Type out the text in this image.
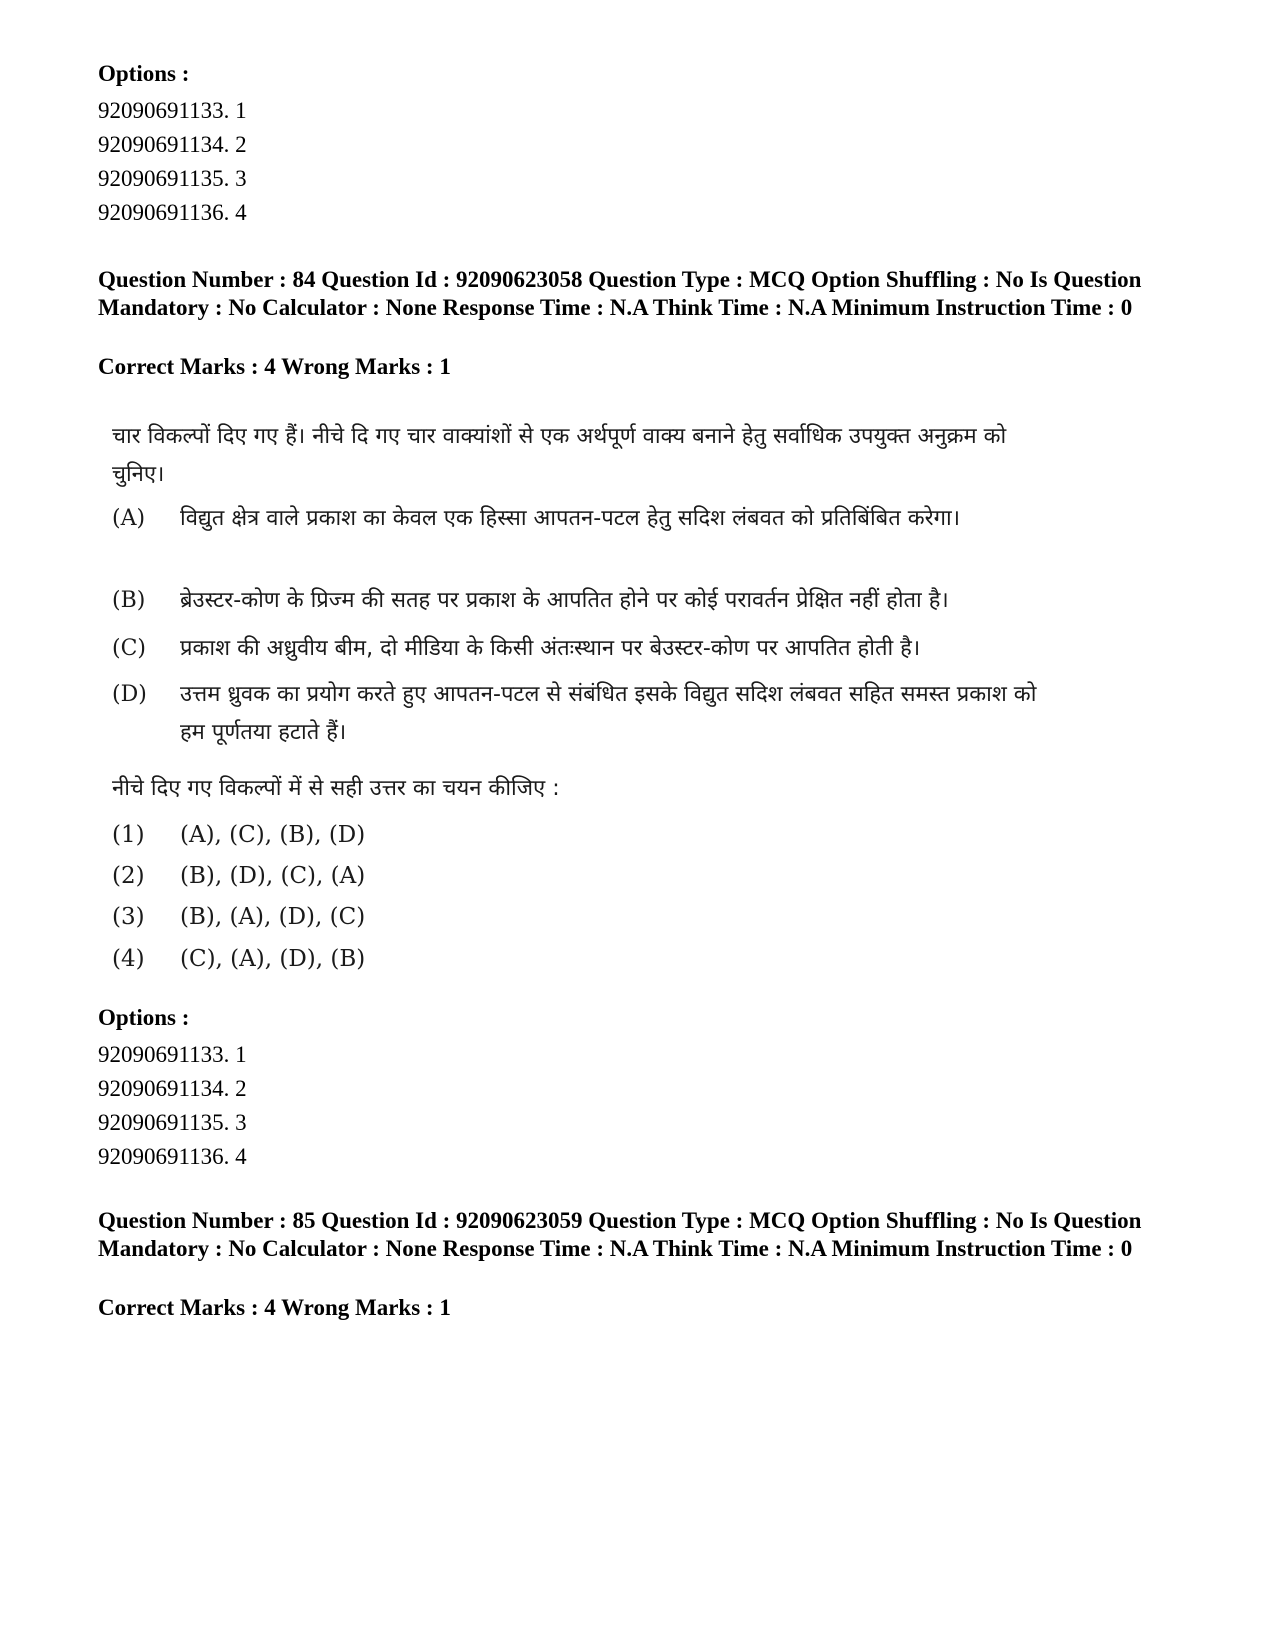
Options :
92090691133. 1
92090691134. 2
92090691135. 3
92090691136. 4
Question Number : 84 Question Id : 92090623058 Question Type : MCQ Option Shuffling : No Is Question Mandatory : No Calculator : None Response Time : N.A Think Time : N.A Minimum Instruction Time : 0
Correct Marks : 4 Wrong Marks : 1
चार विकल्पों दिए गए हैं। नीचे दि गए चार वाक्यांशों से एक अर्थपूर्ण वाक्य बनाने हेतु सर्वाधिक उपयुक्त अनुक्रम को चुनिए।
(A) विद्युत क्षेत्र वाले प्रकाश का केवल एक हिस्सा आपतन-पटल हेतु सदिश लंबवत को प्रतिबिंबित करेगा।
(B) ब्रेउस्टर-कोण के प्रिज्म की सतह पर प्रकाश के आपतित होने पर कोई परावर्तन प्रेक्षित नहीं होता है।
(C) प्रकाश की अध्रुवीय बीम, दो मीडिया के किसी अंतःस्थान पर बेउस्टर-कोण पर आपतित होती है।
(D) उत्तम ध्रुवक का प्रयोग करते हुए आपतन-पटल से संबंधित इसके विद्युत सदिश लंबवत सहित समस्त प्रकाश को हम पूर्णतया हटाते हैं।
नीचे दिए गए विकल्पों में से सही उत्तर का चयन कीजिए :
(1) (A), (C), (B), (D)
(2) (B), (D), (C), (A)
(3) (B), (A), (D), (C)
(4) (C), (A), (D), (B)
Options :
92090691133. 1
92090691134. 2
92090691135. 3
92090691136. 4
Question Number : 85 Question Id : 92090623059 Question Type : MCQ Option Shuffling : No Is Question Mandatory : No Calculator : None Response Time : N.A Think Time : N.A Minimum Instruction Time : 0
Correct Marks : 4 Wrong Marks : 1
